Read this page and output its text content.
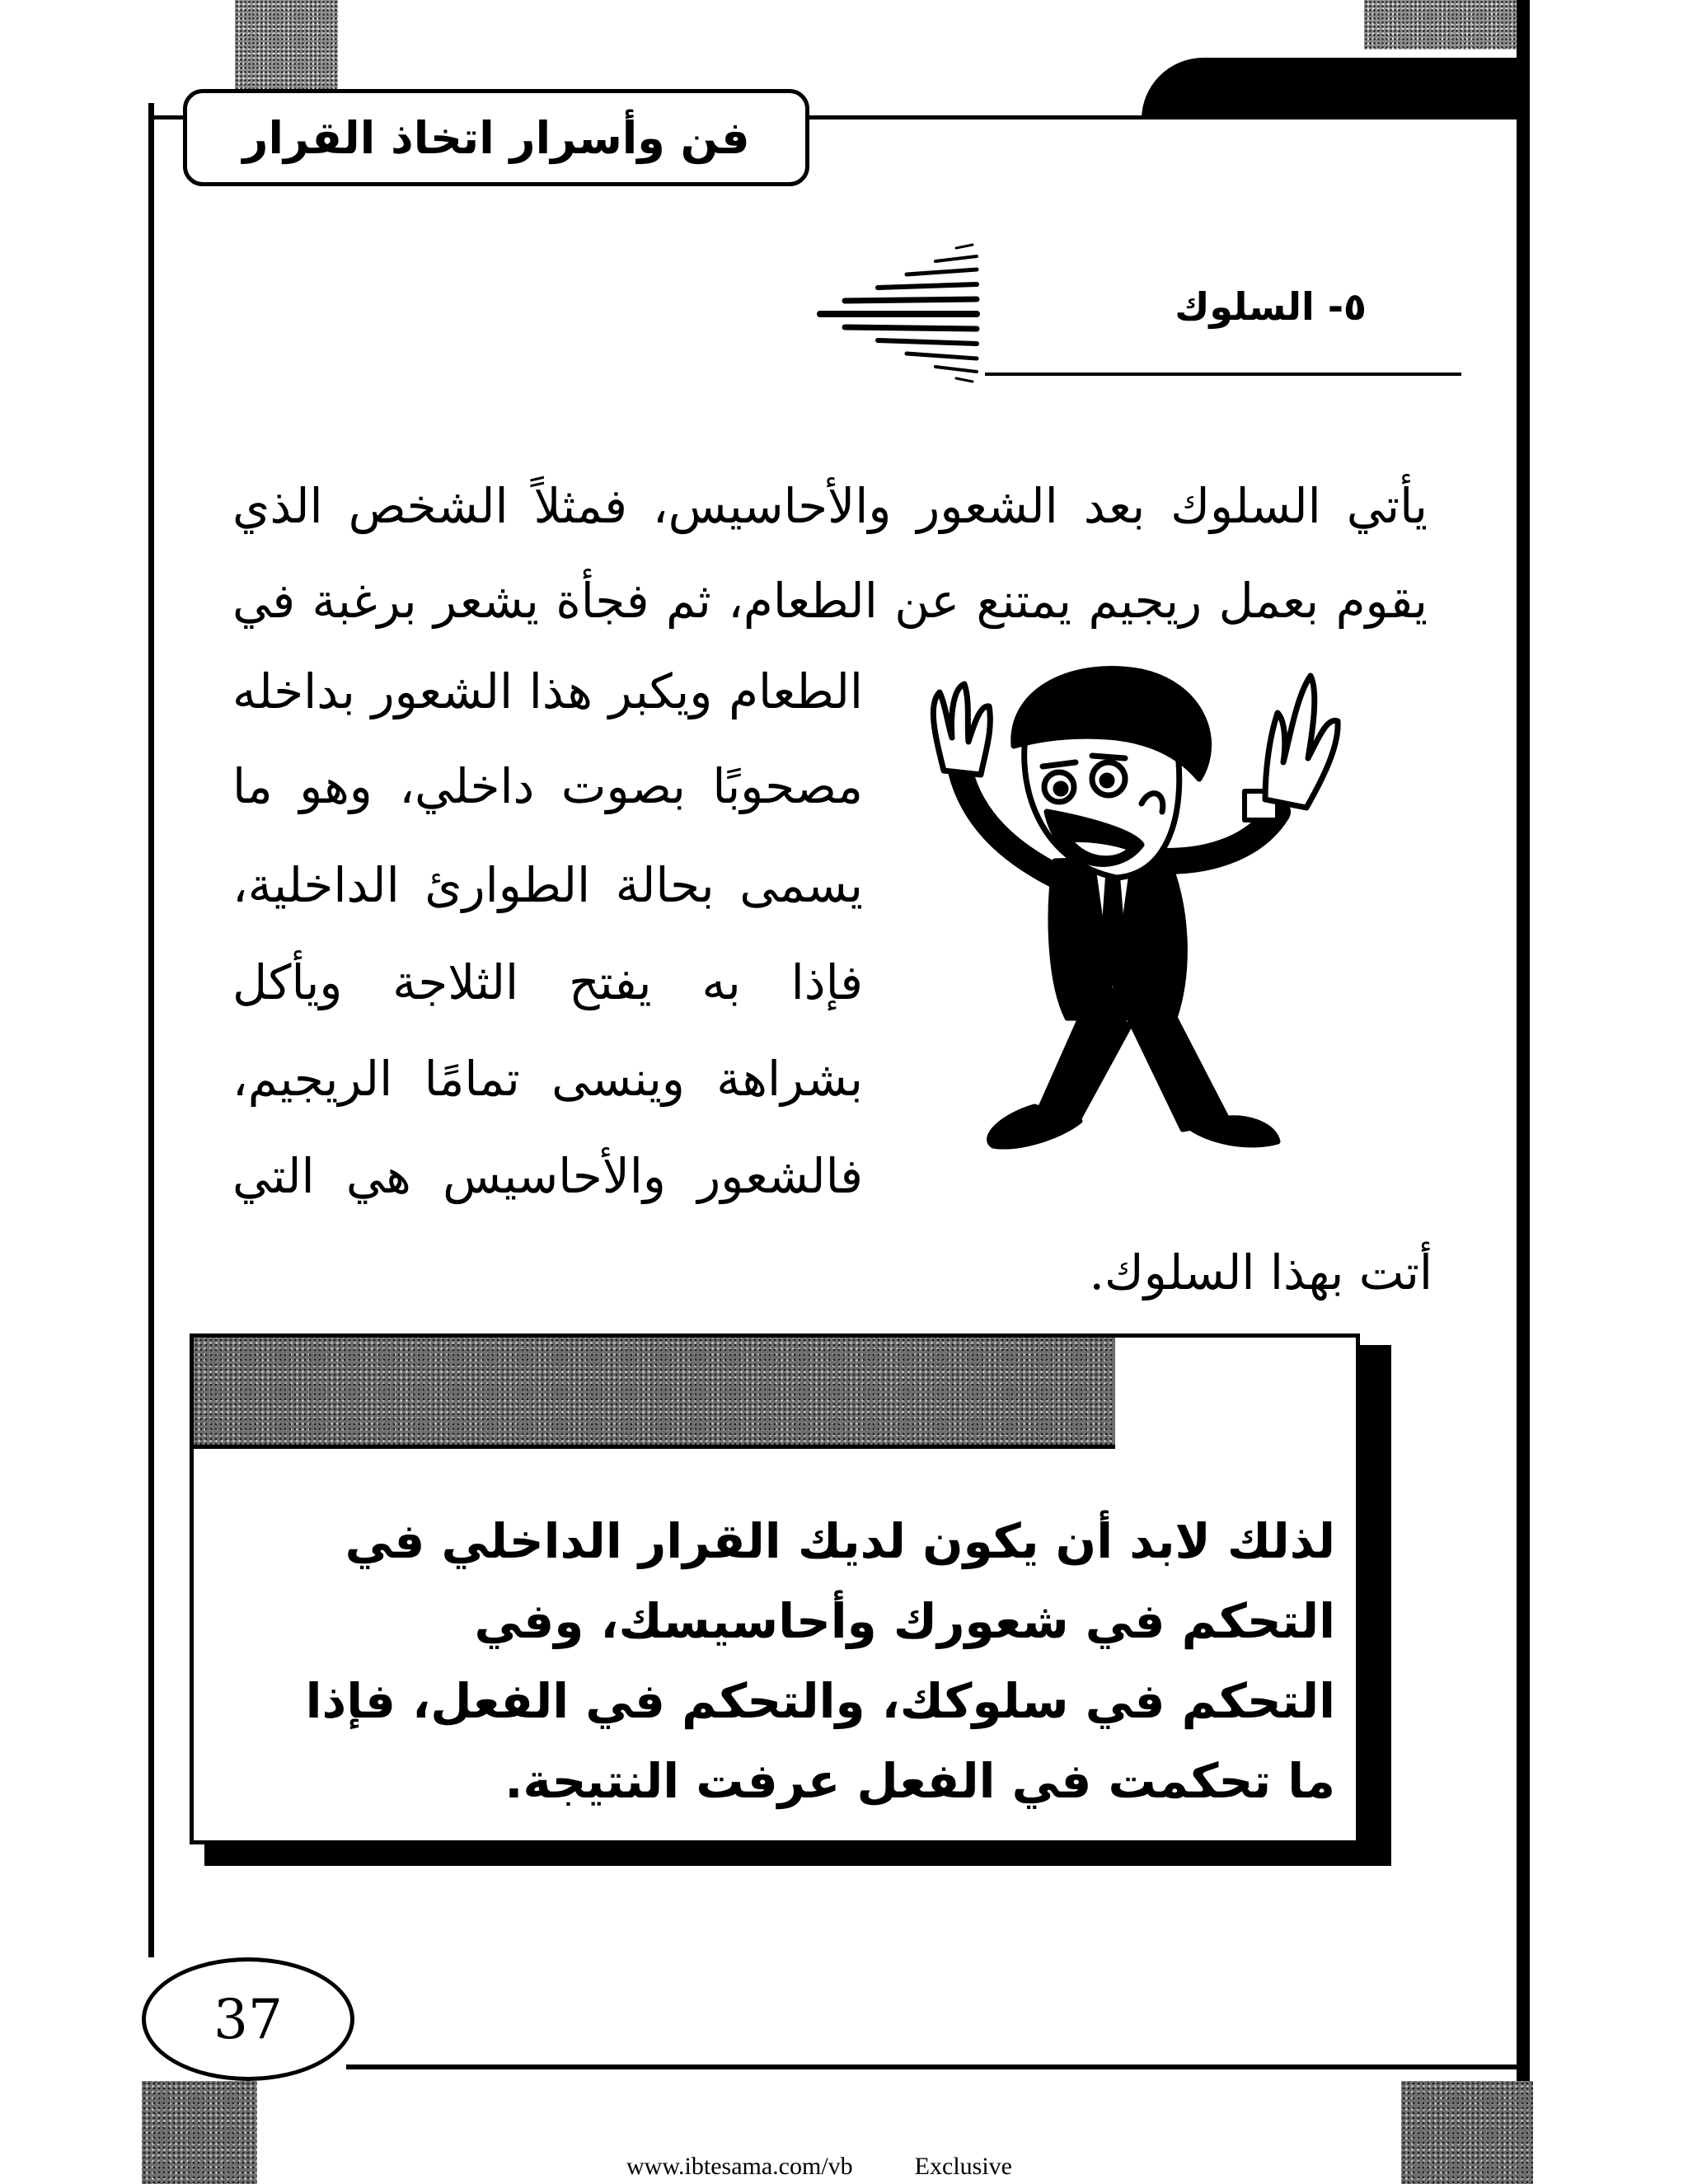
فن وأسرار اتخاذ القرار
٥- السلوك
يأتي السلوك بعد الشعور والأحاسيس، فمثلاً الشخص الذي
يقوم بعمل ريجيم يمتنع عن الطعام، ثم فجأة يشعر برغبة في
الطعام ويكبر هذا الشعور بداخله
مصحوبًا بصوت داخلي، وهو ما
يسمى بحالة الطوارئ الداخلية،
فإذا به يفتح الثلاجة ويأكل
بشراهة وينسى تمامًا الريجيم،
فالشعور والأحاسيس هي التي
أتت بهذا السلوك.
لذلك لابد أن يكون لديك القرار الداخلي في
التحكم في شعورك وأحاسيسك، وفي
التحكم في سلوكك، والتحكم في الفعل، فإذا
ما تحكمت في الفعل عرفت النتيجة.
37
www.ibtesama.com/vb	Exclusive
